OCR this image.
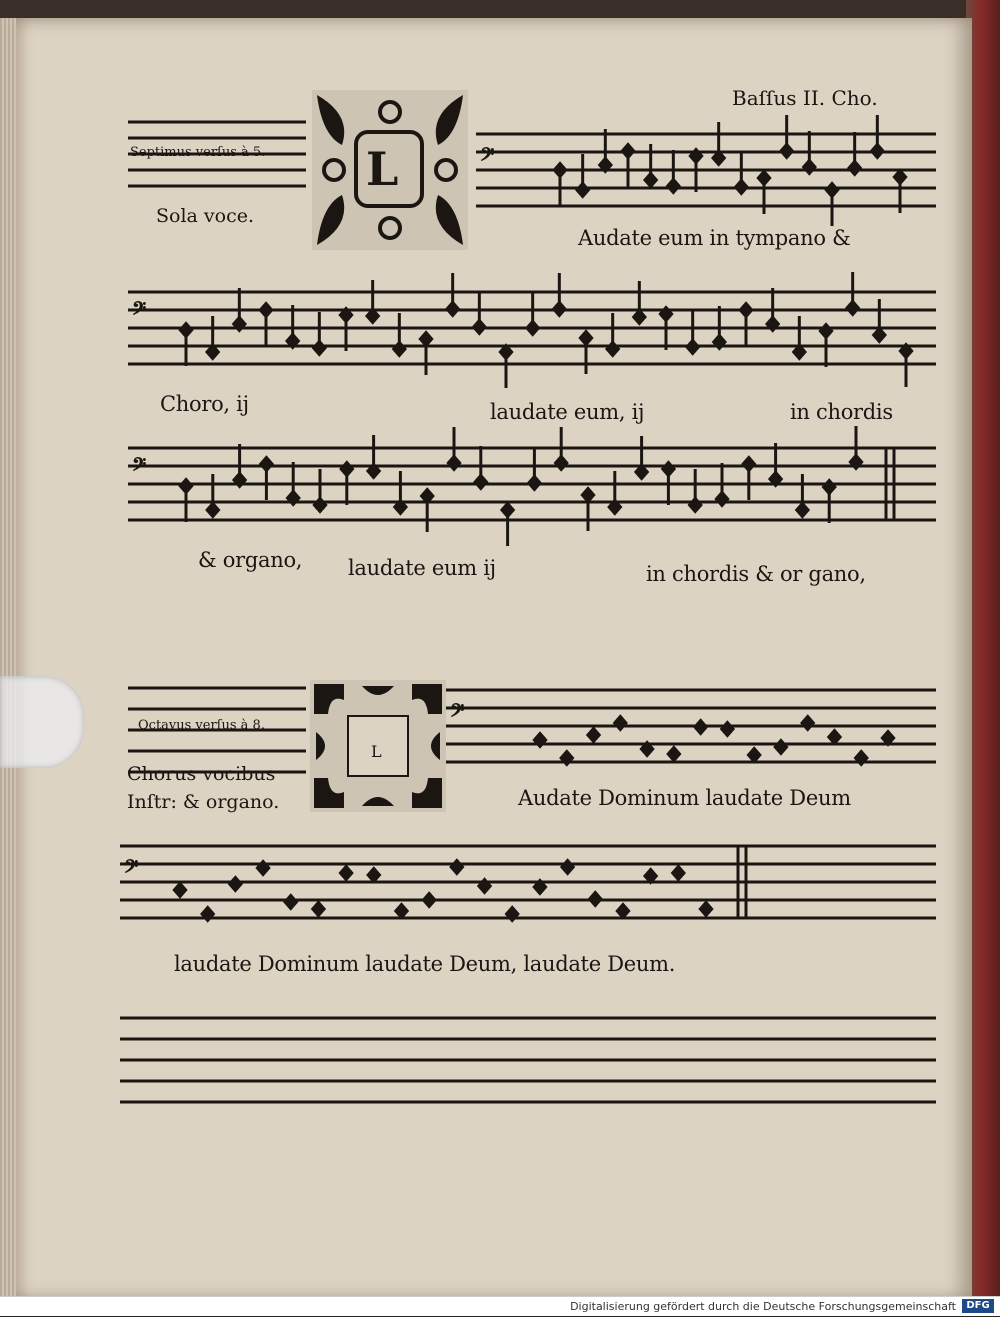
𝄢
𝄢
𝄢
𝄢
𝄢
Baſſus II. Cho.
Septimus verſus à 5.
Sola voce.
L
Audate eum in tympano &
Choro, ij	laudate eum, ij	in chordis
& organo, laudate eum ij	in chordis & or gano,
Octavus verſus à 8.
Chorus vocibus
Inſtr: & organo.
L
Audate Dominum laudate Deum
laudate Dominum laudate Deum, laudate Deum.
Digitalisierung gefördert durch die Deutsche Forschungsgemeinschaft	DFG
